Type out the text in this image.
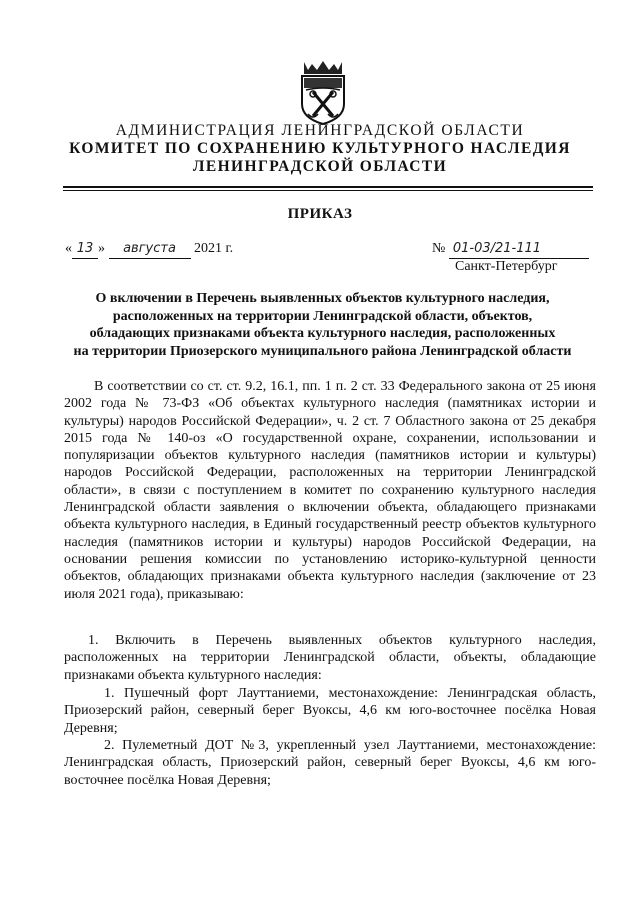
АДМИНИСТРАЦИЯ ЛЕНИНГРАДСКОЙ ОБЛАСТИ
КОМИТЕТ ПО СОХРАНЕНИЮ КУЛЬТУРНОГО НАСЛЕДИЯ
ЛЕНИНГРАДСКОЙ ОБЛАСТИ
ПРИКАЗ
« 13 » августа 2021 г.	№ 01-03/21-111
Санкт-Петербург
О включении в Перечень выявленных объектов культурного наследия,
расположенных на территории Ленинградской области, объектов,
обладающих признаками объекта культурного наследия, расположенных
на территории Приозерского муниципального района Ленинградской области
В соответствии со ст. ст. 9.2, 16.1, пп. 1 п. 2 ст. 33 Федерального закона от 25 июня 2002 года № 73-ФЗ «Об объектах культурного наследия (памятниках истории и культуры) народов Российской Федерации», ч. 2 ст. 7 Областного закона от 25 декабря 2015 года № 140-оз «О государственной охране, сохранении, использовании и популяризации объектов культурного наследия (памятников истории и культуры) народов Российской Федерации, расположенных на территории Ленинградской области», в связи с поступлением в комитет по сохранению культурного наследия Ленинградской области заявления о включении объекта, обладающего признаками объекта культурного наследия, в Единый государственный реестр объектов культурного наследия (памятников истории и культуры) народов Российской Федерации, на основании решения комиссии по установлению историко-культурной ценности объектов, обладающих признаками объекта культурного наследия (заключение от 23 июля 2021 года), приказываю:
1. Включить в Перечень выявленных объектов культурного наследия, расположенных на территории Ленинградской области, объекты, обладающие признаками объекта культурного наследия:
1. Пушечный форт Лауттаниеми, местонахождение: Ленинградская область, Приозерский район, северный берег Вуоксы, 4,6 км юго-восточнее посёлка Новая Деревня;
2. Пулеметный ДОТ №3, укрепленный узел Лауттаниеми, местонахождение: Ленинградская область, Приозерский район, северный берег Вуоксы, 4,6 км юго-восточнее посёлка Новая Деревня;
